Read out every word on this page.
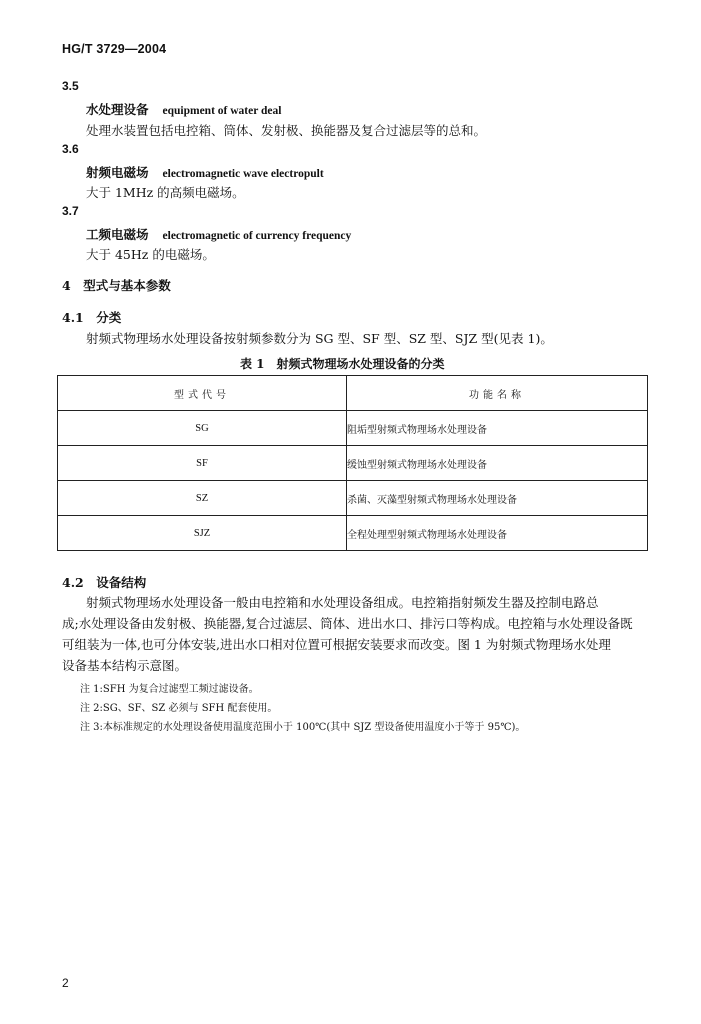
HG/T 3729—2004
3.5
水处理设备 equipment of water deal
处理水装置包括电控箱、筒体、发射极、换能器及复合过滤层等的总和。
3.6
射频电磁场 electromagnetic wave electropult
大于 1MHz 的高频电磁场。
3.7
工频电磁场 electromagnetic of currency frequency
大于 45Hz 的电磁场。
4　型式与基本参数
4.1　分类
射频式物理场水处理设备按射频参数分为 SG 型、SF 型、SZ 型、SJZ 型(见表 1)。
表 1　射频式物理场水处理设备的分类
型式代号	功能名称
SG	阻垢型射频式物理场水处理设备
SF	缓蚀型射频式物理场水处理设备
SZ	杀菌、灭藻型射频式物理场水处理设备
SJZ	全程处理型射频式物理场水处理设备
4.2　设备结构
射频式物理场水处理设备一般由电控箱和水处理设备组成。电控箱指射频发生器及控制电路总
成;水处理设备由发射极、换能器,复合过滤层、筒体、进出水口、排污口等构成。电控箱与水处理设备既
可组装为一体,也可分体安装,进出水口相对位置可根据安装要求而改变。图 1 为射频式物理场水处理
设备基本结构示意图。
注 1:SFH 为复合过滤型工频过滤设备。
注 2:SG、SF、SZ 必须与 SFH 配套使用。
注 3:本标准规定的水处理设备使用温度范围小于 100℃(其中 SJZ 型设备使用温度小于等于 95℃)。
2
